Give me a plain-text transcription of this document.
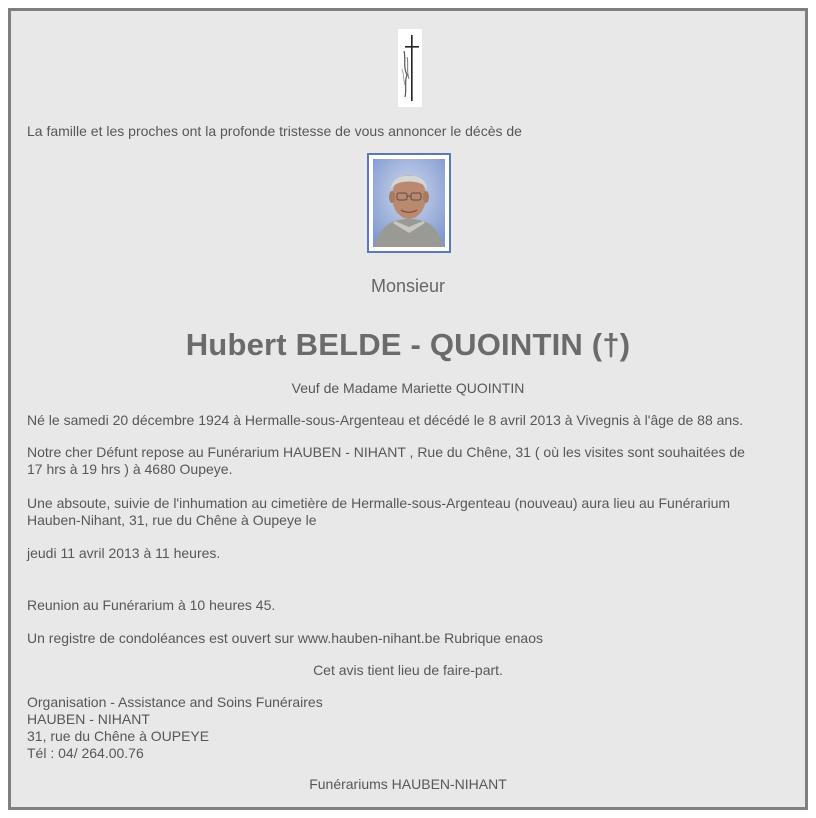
La famille et les proches ont la profonde tristesse de vous annoncer le décès de
Monsieur
Hubert BELDE - QUOINTIN (†)
Veuf de Madame Mariette QUOINTIN
Né le samedi 20 décembre 1924 à Hermalle-sous-Argenteau et décédé le 8 avril 2013 à Vivegnis à l'âge de 88 ans.
Notre cher Défunt repose au Funérarium HAUBEN - NIHANT , Rue du Chêne, 31 ( où les visites sont souhaitées de
17 hrs à 19 hrs ) à 4680 Oupeye.
Une absoute, suivie de l'inhumation au cimetière de Hermalle-sous-Argenteau (nouveau) aura lieu au Funérarium
Hauben-Nihant, 31, rue du Chêne à Oupeye le
jeudi 11 avril 2013 à 11 heures.
Reunion au Funérarium à 10 heures 45.
Un registre de condoléances est ouvert sur www.hauben-nihant.be Rubrique enaos
Cet avis tient lieu de faire-part.
Organisation - Assistance and Soins Funéraires
HAUBEN - NIHANT
31, rue du Chêne à OUPEYE
Tél : 04/ 264.00.76
Funérariums HAUBEN-NIHANT
